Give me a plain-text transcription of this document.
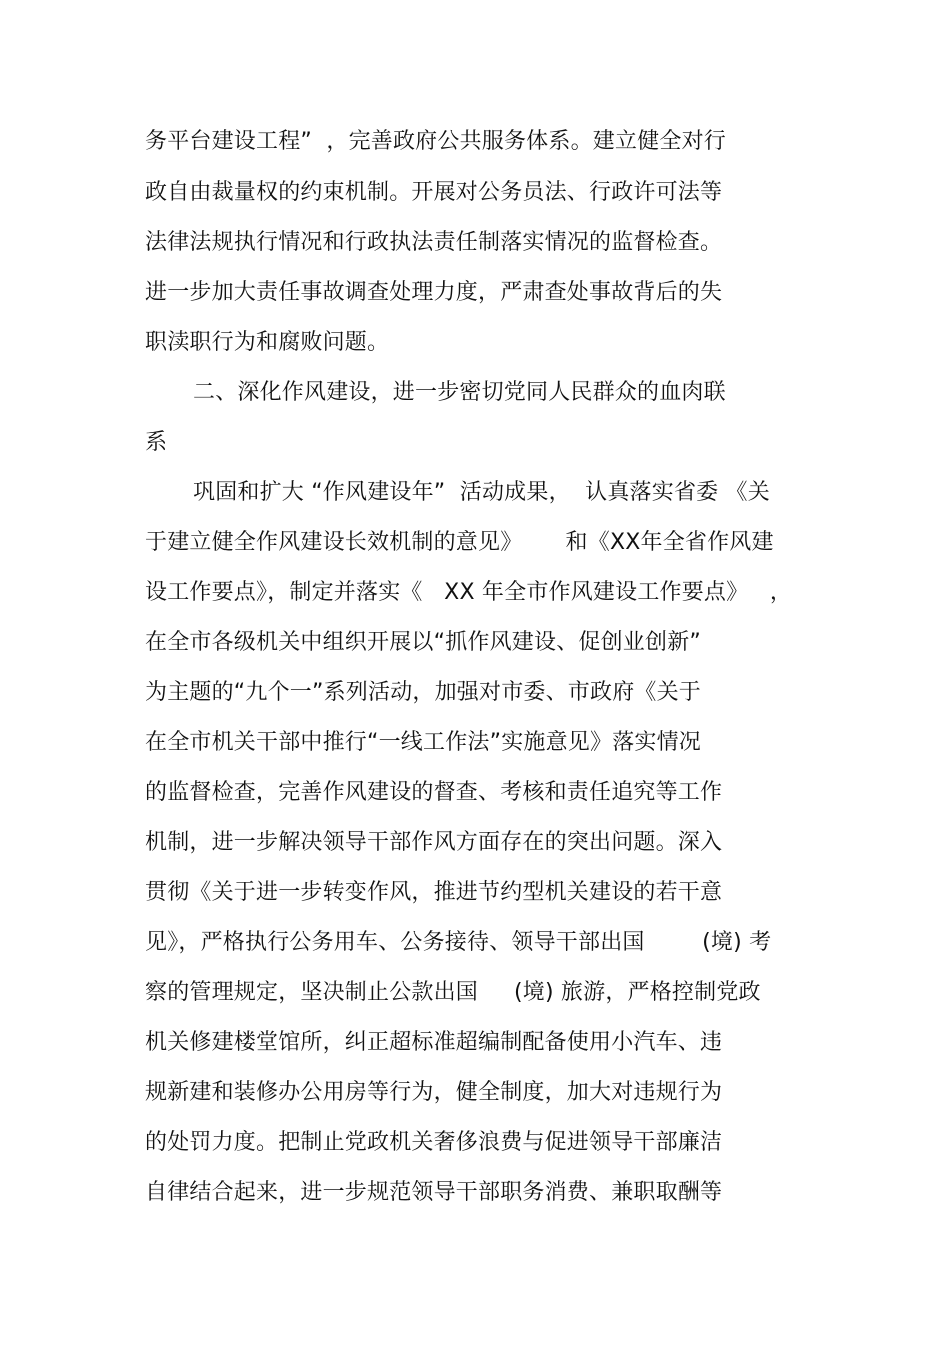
务平台建设工程”  ，完善政府公共服务体系。建立健全对行
政自由裁量权的约束机制。开展对公务员法、行政许可法等
法律法规执行情况和行政执法责任制落实情况的监督检查。
进一步加大责任事故调查处理力度，严肃查处事故背后的失
职渎职行为和腐败问题。
二、深化作风建设，进一步密切党同人民群众的血肉联
系
巩固和扩大 “作风建设年”  活动成果，  认真落实省委 《关
于建立健全作风建设长效机制的意见》      和《XX年全省作风建
设工作要点》，制定并落实《   XX 年全市作风建设工作要点》   ，
在全市各级机关中组织开展以“抓作风建设、促创业创新”
为主题的“九个一”系列活动，加强对市委、市政府《关于
在全市机关干部中推行“一线工作法”实施意见》落实情况
的监督检查，完善作风建设的督查、考核和责任追究等工作
机制，进一步解决领导干部作风方面存在的突出问题。深入
贯彻《关于进一步转变作风，推进节约型机关建设的若干意
见》，严格执行公务用车、公务接待、领导干部出国        (境) 考
察的管理规定，坚决制止公款出国     (境) 旅游，严格控制党政
机关修建楼堂馆所，纠正超标准超编制配备使用小汽车、违
规新建和装修办公用房等行为，健全制度，加大对违规行为
的处罚力度。把制止党政机关奢侈浪费与促进领导干部廉洁
自律结合起来，进一步规范领导干部职务消费、兼职取酬等
